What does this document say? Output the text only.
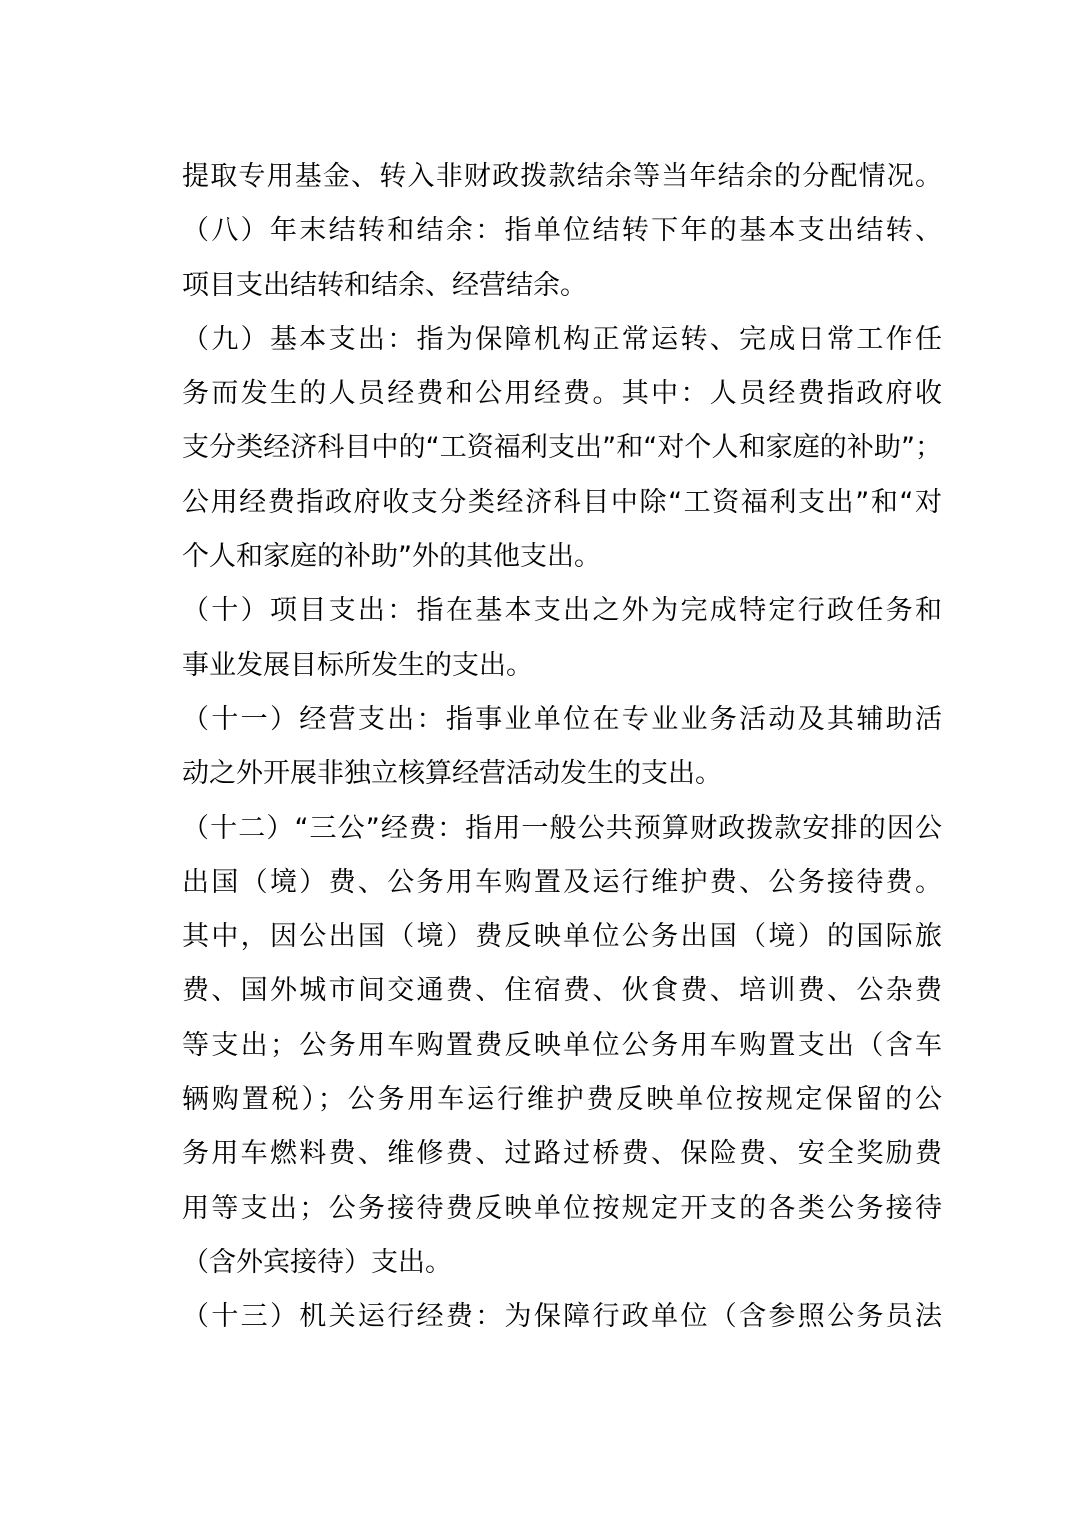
提取专用基金、转入非财政拨款结余等当年结余的分配情况。
（八）年末结转和结余：指单位结转下年的基本支出结转、
项目支出结转和结余、经营结余。
（九）基本支出：指为保障机构正常运转、完成日常工作任
务而发生的人员经费和公用经费。其中：人员经费指政府收
支分类经济科目中的“工资福利支出”和“对个人和家庭的补助”；
公用经费指政府收支分类经济科目中除“工资福利支出”和“对
个人和家庭的补助”外的其他支出。
（十）项目支出：指在基本支出之外为完成特定行政任务和
事业发展目标所发生的支出。
（十一）经营支出：指事业单位在专业业务活动及其辅助活
动之外开展非独立核算经营活动发生的支出。
（十二）“三公”经费：指用一般公共预算财政拨款安排的因公
出国（境）费、公务用车购置及运行维护费、公务接待费。
其中，因公出国（境）费反映单位公务出国（境）的国际旅
费、国外城市间交通费、住宿费、伙食费、培训费、公杂费
等支出；公务用车购置费反映单位公务用车购置支出（含车
辆购置税）；公务用车运行维护费反映单位按规定保留的公
务用车燃料费、维修费、过路过桥费、保险费、安全奖励费
用等支出；公务接待费反映单位按规定开支的各类公务接待
（含外宾接待）支出。
（十三）机关运行经费：为保障行政单位（含参照公务员法
